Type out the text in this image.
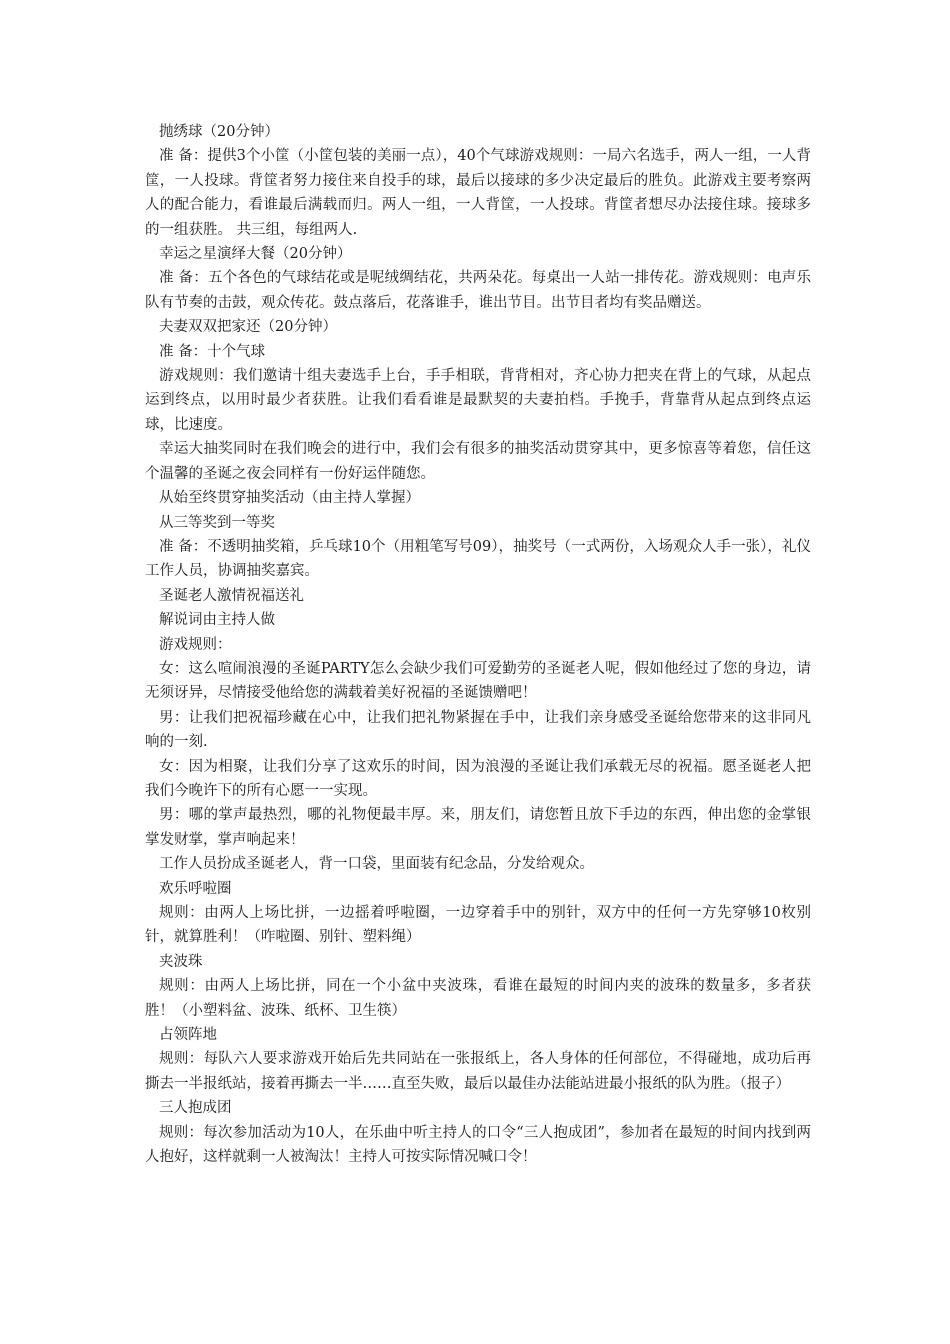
抛绣球（20分钟）

准 备：提供3个小筐（小筐包装的美丽一点），40个气球游戏规则：一局六名选手，两人一组，一人背筐，一人投球。背筐者努力接住来自投手的球，最后以接球的多少决定最后的胜负。此游戏主要考察两人的配合能力，看谁最后满载而归。两人一组，一人背筐，一人投球。背筐者想尽办法接住球。接球多的一组获胜。 共三组，每组两人.

幸运之星演绎大餐（20分钟）

准 备：五个各色的气球结花或是呢绒绸结花，共两朵花。每桌出一人站一排传花。游戏规则：电声乐队有节奏的击鼓，观众传花。鼓点落后，花落谁手，谁出节目。出节目者均有奖品赠送。

夫妻双双把家还（20分钟）

准 备：十个气球

游戏规则：我们邀请十组夫妻选手上台，手手相联，背背相对，齐心协力把夹在背上的气球，从起点运到终点，以用时最少者获胜。让我们看看谁是最默契的夫妻拍档。手挽手，背靠背从起点到终点运球，比速度。

幸运大抽奖同时在我们晚会的进行中，我们会有很多的抽奖活动贯穿其中，更多惊喜等着您，信任这个温馨的圣诞之夜会同样有一份好运伴随您。

从始至终贯穿抽奖活动（由主持人掌握）

从三等奖到一等奖

准 备：不透明抽奖箱，乒乓球10个（用粗笔写号09），抽奖号（一式两份，入场观众人手一张），礼仪工作人员，协调抽奖嘉宾。

圣诞老人激情祝福送礼

解说词由主持人做

游戏规则：

女：这么喧闹浪漫的圣诞PARTY怎么会缺少我们可爱勤劳的圣诞老人呢，假如他经过了您的身边，请无须讶异，尽情接受他给您的满载着美好祝福的圣诞馈赠吧！

男：让我们把祝福珍藏在心中，让我们把礼物紧握在手中，让我们亲身感受圣诞给您带来的这非同凡响的一刻.

女：因为相聚，让我们分享了这欢乐的时间，因为浪漫的圣诞让我们承载无尽的祝福。愿圣诞老人把我们今晚许下的所有心愿一一实现。

男：哪的掌声最热烈，哪的礼物便最丰厚。来，朋友们，请您暂且放下手边的东西，伸出您的金掌银掌发财掌，掌声响起来！

工作人员扮成圣诞老人，背一口袋，里面装有纪念品，分发给观众。

欢乐呼啦圈

规则：由两人上场比拼，一边摇着呼啦圈，一边穿着手中的别针，双方中的任何一方先穿够10枚别针，就算胜利！（咋啦圈、别针、塑料绳）

夹波珠

规则：由两人上场比拼，同在一个小盆中夹波珠，看谁在最短的时间内夹的波珠的数量多，多者获胜！（小塑料盆、波珠、纸杯、卫生筷）

占领阵地

规则：每队六人要求游戏开始后先共同站在一张报纸上，各人身体的任何部位，不得碰地，成功后再撕去一半报纸站，接着再撕去一半……直至失败，最后以最佳办法能站进最小报纸的队为胜。（报子）

三人抱成团

规则：每次参加活动为10人，在乐曲中听主持人的口令“三人抱成团”，参加者在最短的时间内找到两人抱好，这样就剩一人被淘汰！主持人可按实际情况喊口令！
